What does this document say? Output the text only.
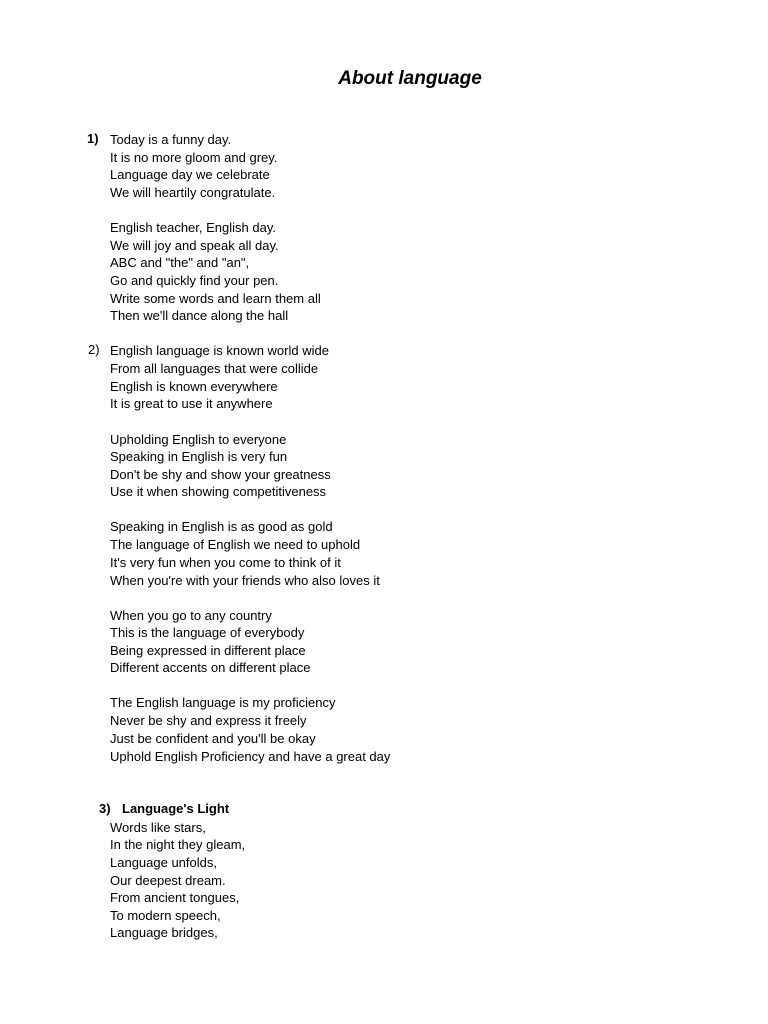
About language
1) Today is a funny day.
It is no more gloom and grey.
Language day we celebrate
We will heartily congratulate.
English teacher, English day.
We will joy and speak all day.
ABC and "the" and "an",
Go and quickly find your pen.
Write some words and learn them all
Then we'll dance along the hall
2) English language is known world wide
From all languages that were collide
English is known everywhere
It is great to use it anywhere
Upholding English to everyone
Speaking in English is very fun
Don't be shy and show your greatness
Use it when showing competitiveness
Speaking in English is as good as gold
The language of English we need to uphold
It's very fun when you come to think of it
When you're with your friends who also loves it
When you go to any country
This is the language of everybody
Being expressed in different place
Different accents on different place
The English language is my proficiency
Never be shy and express it freely
Just be confident and you'll be okay
Uphold English Proficiency and have a great day
3) Language's Light
Words like stars,
In the night they gleam,
Language unfolds,
Our deepest dream.
From ancient tongues,
To modern speech,
Language bridges,
